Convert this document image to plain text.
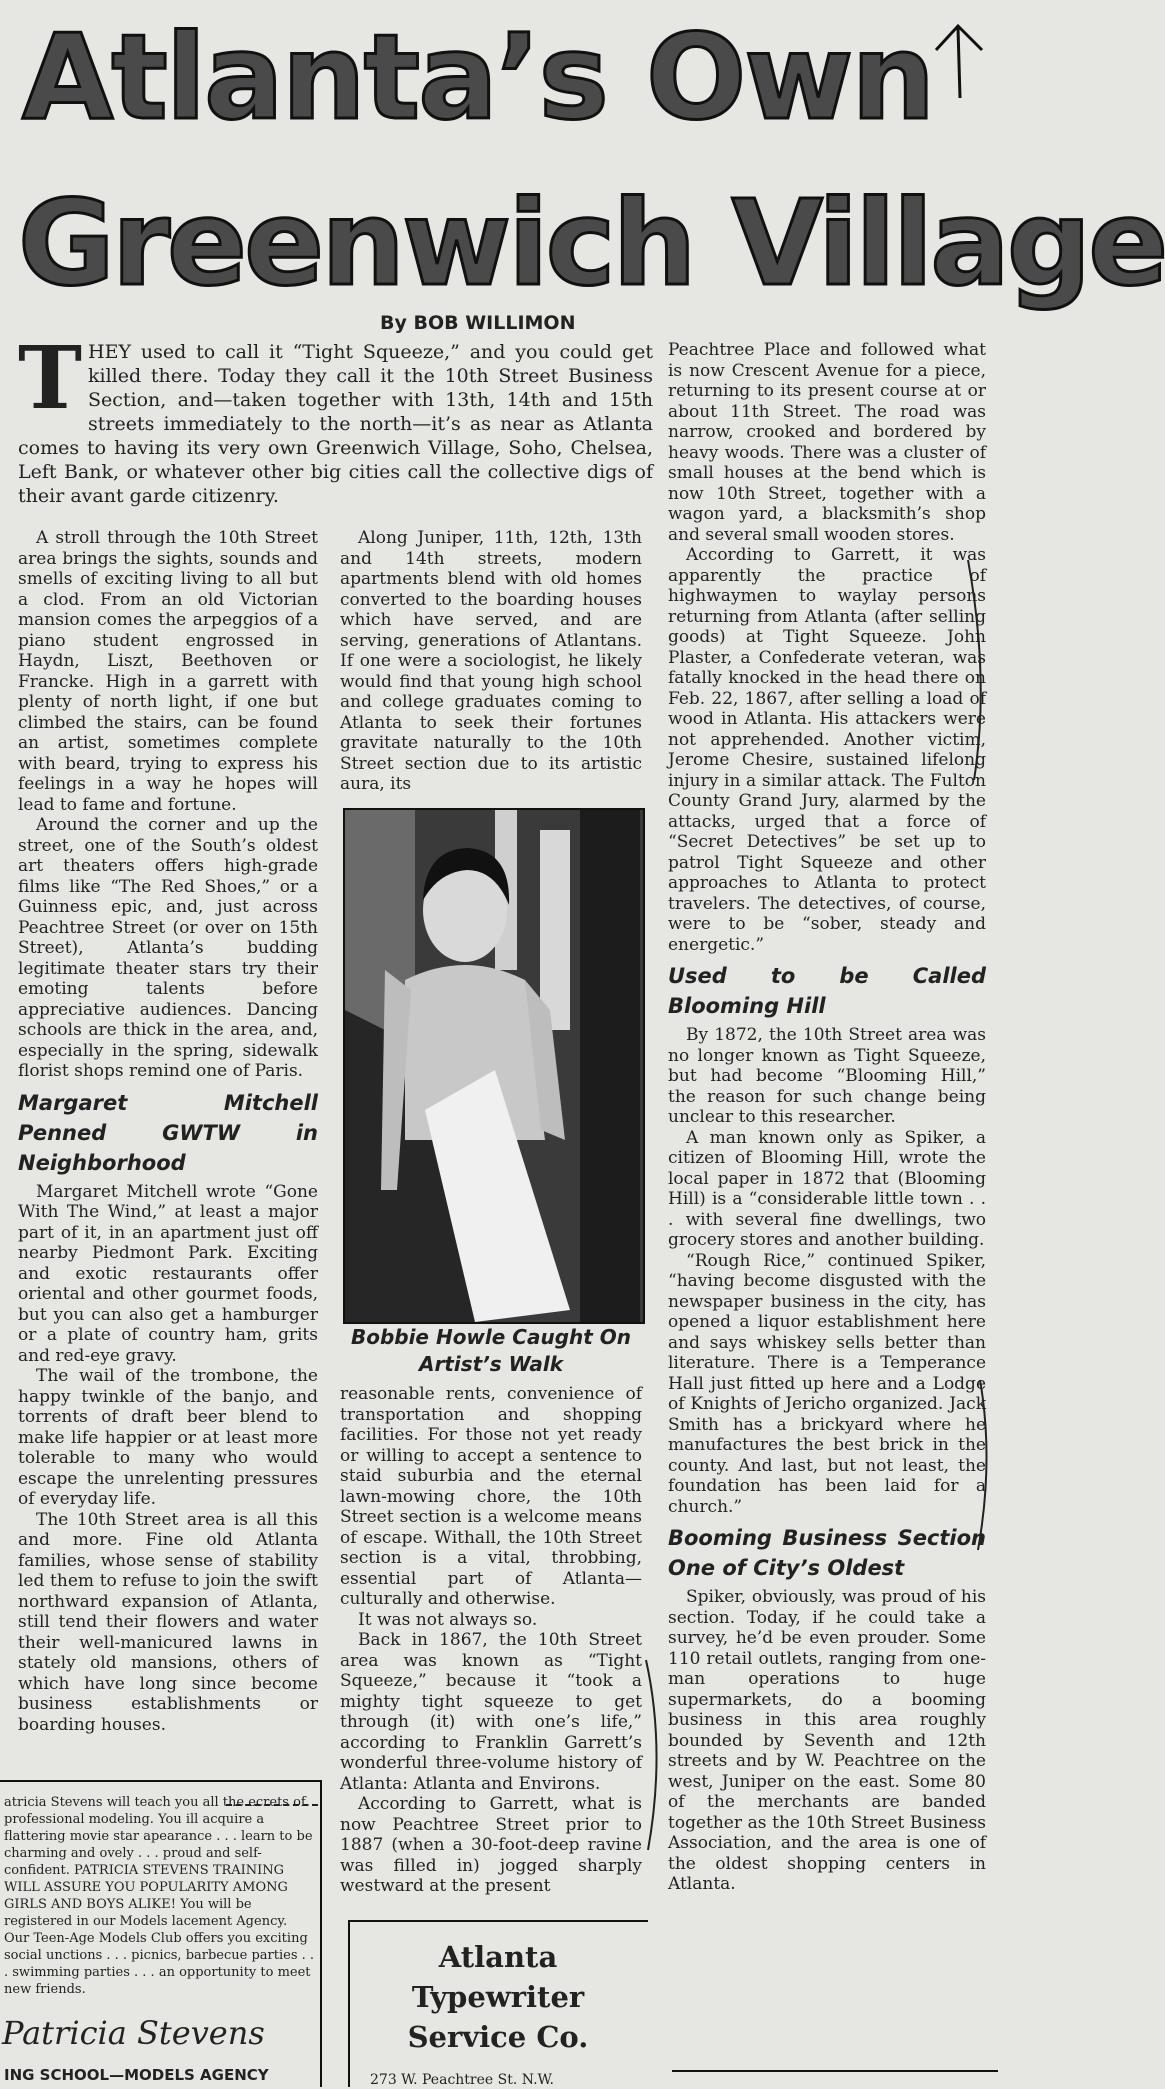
Atlanta’s Own
Greenwich Village
By BOB WILLIMON
THEY used to call it “Tight Squeeze,” and you could get killed there. Today they call it the 10th Street Business Section, and—taken together with 13th, 14th and 15th streets immediately to the north—it’s as near as Atlanta comes to having its very own Greenwich Village, Soho, Chelsea, Left Bank, or whatever other big cities call the collective digs of their avant garde citizenry.

A stroll through the 10th Street area brings the sights, sounds and smells of exciting living to all but a clod. From an old Victorian mansion comes the arpeggios of a piano student engrossed in Haydn, Liszt, Beethoven or Francke. High in a garrett with plenty of north light, if one but climbed the stairs, can be found an artist, sometimes complete with beard, trying to express his feelings in a way he hopes will lead to fame and fortune.

Around the corner and up the street, one of the South’s oldest art theaters offers high-grade films like “The Red Shoes,” or a Guinness epic, and, just across Peachtree Street (or over on 15th Street), Atlanta’s budding legitimate theater stars try their emoting talents before appreciative audiences. Dancing schools are thick in the area, and, especially in the spring, sidewalk florist shops remind one of Paris.

Margaret Mitchell Penned GWTW in Neighborhood

Margaret Mitchell wrote “Gone With The Wind,” at least a major part of it, in an apartment just off nearby Piedmont Park. Exciting and exotic restaurants offer oriental and other gourmet foods, but you can also get a hamburger or a plate of country ham, grits and red-eye gravy.

The wail of the trombone, the happy twinkle of the banjo, and torrents of draft beer blend to make life happier or at least more tolerable to many who would escape the unrelenting pressures of everyday life.

The 10th Street area is all this and more. Fine old Atlanta families, whose sense of stability led them to refuse to join the swift northward expansion of Atlanta, still tend their flowers and water their well-manicured lawns in stately old mansions, others of which have long since become business establishments or boarding houses.

Along Juniper, 11th, 12th, 13th and 14th streets, modern apartments blend with old homes converted to the boarding houses which have served, and are serving, generations of Atlantans. If one were a sociologist, he likely would find that young high school and college graduates coming to Atlanta to seek their fortunes gravitate naturally to the 10th Street section due to its artistic aura, its

Bobbie Howle Caught On Artist’s Walk

reasonable rents, convenience of transportation and shopping facilities. For those not yet ready or willing to accept a sentence to staid suburbia and the eternal lawn-mowing chore, the 10th Street section is a welcome means of escape. Withall, the 10th Street section is a vital, throbbing, essential part of Atlanta—culturally and otherwise.

It was not always so.

Back in 1867, the 10th Street area was known as “Tight Squeeze,” because it “took a mighty tight squeeze to get through (it) with one’s life,” according to Franklin Garrett’s wonderful three-volume history of Atlanta: Atlanta and Environs.

According to Garrett, what is now Peachtree Street prior to 1887 (when a 30-foot-deep ravine was filled in) jogged sharply westward at the present

Peachtree Place and followed what is now Crescent Avenue for a piece, returning to its present course at or about 11th Street. The road was narrow, crooked and bordered by heavy woods. There was a cluster of small houses at the bend which is now 10th Street, together with a wagon yard, a blacksmith’s shop and several small wooden stores.

According to Garrett, it was apparently the practice of highwaymen to waylay persons returning from Atlanta (after selling goods) at Tight Squeeze. John Plaster, a Confederate veteran, was fatally knocked in the head there on Feb. 22, 1867, after selling a load of wood in Atlanta. His attackers were not apprehended. Another victim, Jerome Chesire, sustained lifelong injury in a similar attack. The Fulton County Grand Jury, alarmed by the attacks, urged that a force of “Secret Detectives” be set up to patrol Tight Squeeze and other approaches to Atlanta to protect travelers. The detectives, of course, were to be “sober, steady and energetic.”

Used to be Called Blooming Hill

By 1872, the 10th Street area was no longer known as Tight Squeeze, but had become “Blooming Hill,” the reason for such change being unclear to this researcher.

A man known only as Spiker, a citizen of Blooming Hill, wrote the local paper in 1872 that (Blooming Hill) is a “considerable little town . . . with several fine dwellings, two grocery stores and another building.

“Rough Rice,” continued Spiker, “having become disgusted with the newspaper business in the city, has opened a liquor establishment here and says whiskey sells better than literature. There is a Temperance Hall just fitted up here and a Lodge of Knights of Jericho organized. Jack Smith has a brickyard where he manufactures the best brick in the county. And last, but not least, the foundation has been laid for a church.”

Booming Business Section One of City’s Oldest

Spiker, obviously, was proud of his section. Today, if he could take a survey, he’d be even prouder. Some 110 retail outlets, ranging from one-man operations to huge supermarkets, do a booming business in this area roughly bounded by Seventh and 12th streets and by W. Peachtree on the west, Juniper on the east. Some 80 of the merchants are banded together as the 10th Street Business Association, and the area is one of the oldest shopping centers in Atlanta.

atricia Stevens will teach you all the ecrets of professional modeling. You ill acquire a flattering movie star apearance . . . learn to be charming and ovely . . . proud and self-confident. PATRICIA STEVENS TRAINING WILL ASSURE YOU POPULARITY AMONG GIRLS AND BOYS ALIKE! You will be registered in our Models lacement Agency. Our Teen-Age Models Club offers you exciting social unctions . . . picnics, barbecue parties . . . swimming parties . . . an opportunity to meet new friends.
Patricia Stevens
ING SCHOOL—MODELS AGENCY
Atlanta
Typewriter
Service Co.
273 W. Peachtree St. N.W.
